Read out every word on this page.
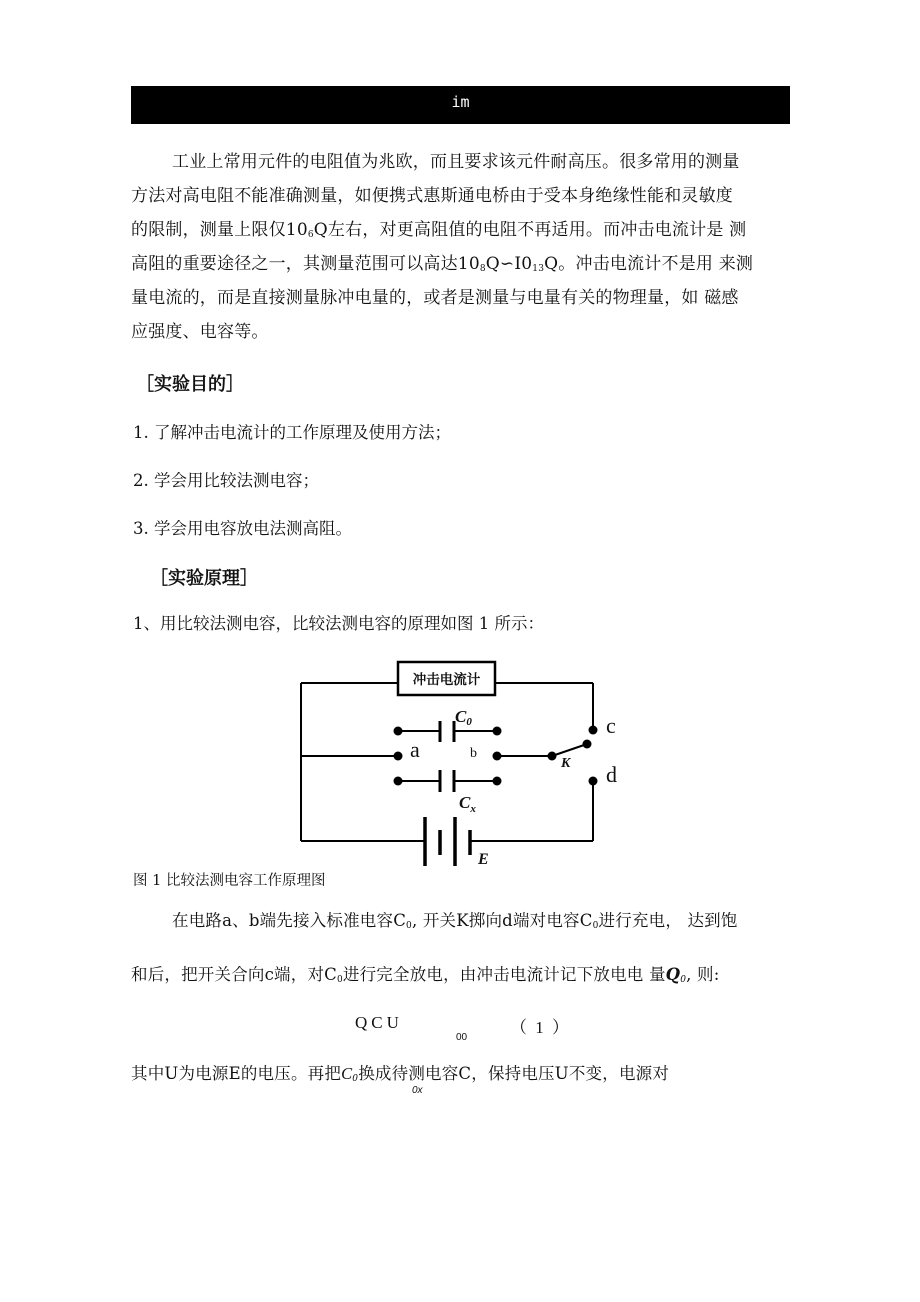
im
工业上常用元件的电阻值为兆欧，而且要求该元件耐高压。很多常用的测量
方法对高电阻不能准确测量，如便携式惠斯通电桥由于受本身绝缘性能和灵敏度
的限制，测量上限仅$10_6Q$左右，对更高阻值的电阻不再适用。而冲击电流计是 测
高阻的重要途径之一，其测量范围可以高达$10_8Q∽I0_{13}Q$。冲击电流计不是用 来测
量电流的，而是直接测量脉冲电量的，或者是测量与电量有关的物理量，如 磁感
应强度、电容等。
［实验目的］
1. 了解冲击电流计的工作原理及使用方法；
2. 学会用比较法测电容；
3. 学会用电容放电法测高阻。
［实验原理］
1、用比较法测电容，比较法测电容的原理如图 1 所示：
冲击电流计
C0
a	b
c
d
K
$C_x$
E
图 1 比较法测电容工作原理图
在电路a、b端先接入标准电容$C_0$, 开关K掷向d端对电容$C_0$进行充电， 达到饱
和后，把开关合向c端，对$C_0$进行完全放电，由冲击电流计记下放电电 量$Q_0$, 则:
QCU
00
（ 1 ）
其中U为电源E的电压。再把$C_0$换成待测电容C，保持电压U不变，电源对
0x
